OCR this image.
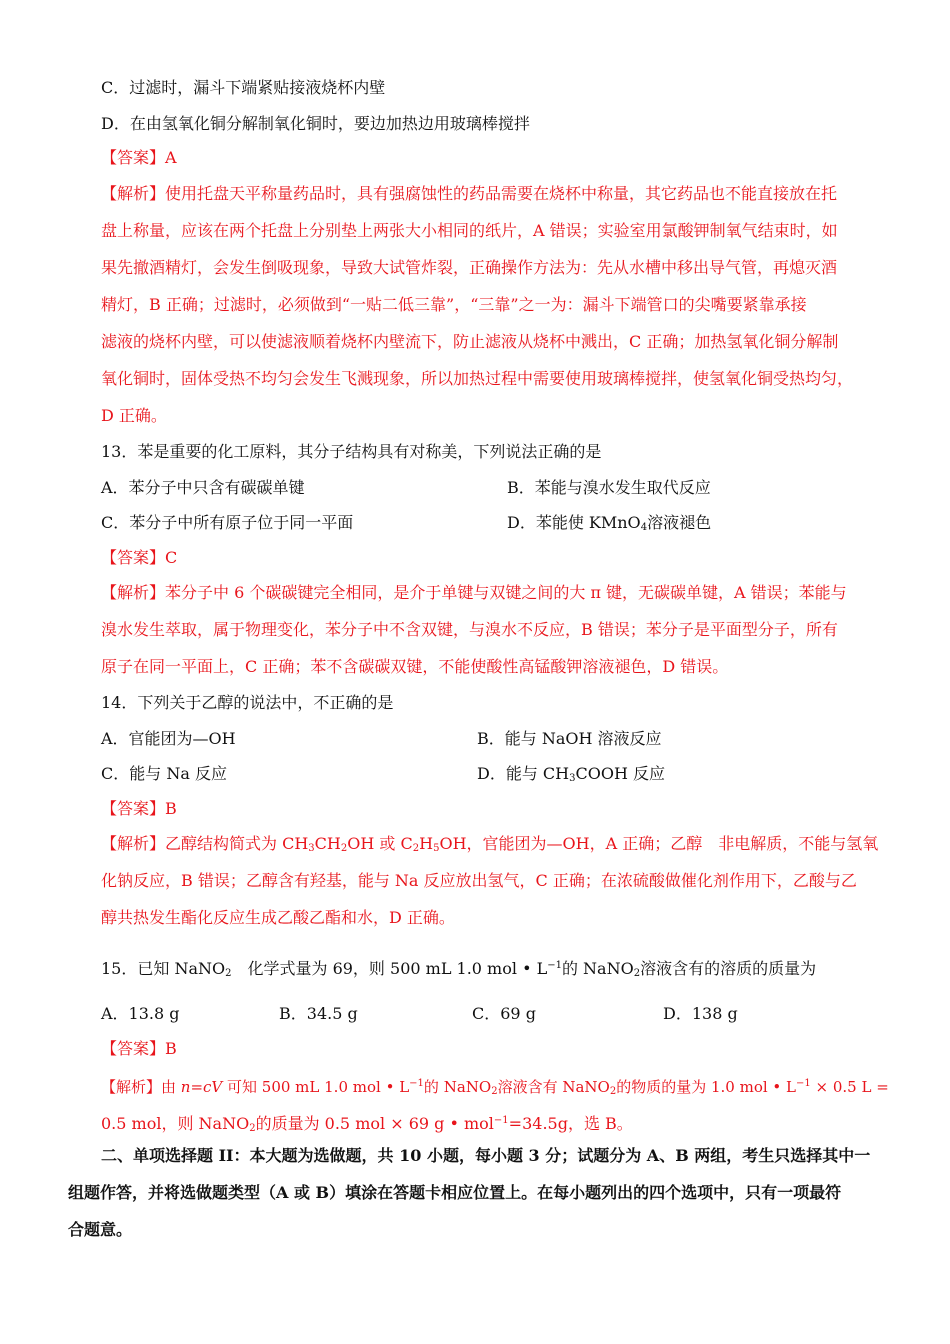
C．过滤时，漏斗下端紧贴接液烧杯内壁
D．在由氢氧化铜分解制氧化铜时，要边加热边用玻璃棒搅拌
【答案】A
【解析】使用托盘天平称量药品时，具有强腐蚀性的药品需要在烧杯中称量，其它药品也不能直接放在托
盘上称量，应该在两个托盘上分别垫上两张大小相同的纸片，A 错误；实验室用氯酸钾制氧气结束时，如
果先撤酒精灯，会发生倒吸现象，导致大试管炸裂，正确操作方法为：先从水槽中移出导气管，再熄灭酒
精灯，B 正确；过滤时，必须做到“一贴二低三靠”，“三靠”之一为：漏斗下端管口的尖嘴要紧靠承接
滤液的烧杯内壁，可以使滤液顺着烧杯内壁流下，防止滤液从烧杯中溅出，C 正确；加热氢氧化铜分解制
氧化铜时，固体受热不均匀会发生飞溅现象，所以加热过程中需要使用玻璃棒搅拌，使氢氧化铜受热均匀，
D 正确。
13．苯是重要的化工原料，其分子结构具有对称美，下列说法正确的是
A．苯分子中只含有碳碳单键	B．苯能与溴水发生取代反应
C．苯分子中所有原子位于同一平面	D．苯能使 KMnO$_4$溶液褪色
【答案】C
【解析】苯分子中 6 个碳碳键完全相同，是介于单键与双键之间的大 π 键，无碳碳单键，A 错误；苯能与
溴水发生萃取，属于物理变化，苯分子中不含双键，与溴水不反应，B 错误；苯分子是平面型分子，所有
原子在同一平面上，C 正确；苯不含碳碳双键，不能使酸性高锰酸钾溶液褪色，D 错误。
14．下列关于乙醇的说法中，不正确的是
A．官能团为—OH	B．能与 NaOH 溶液反应
C．能与 Na 反应	D．能与 $CH_3COOH$ 反应
【答案】B
【解析】乙醇结构简式为 $CH_3CH_2OH$ 或 $C_2H_5OH$，官能团为—OH，A 正确；乙醇　非电解质，不能与氢氧
化钠反应，B 错误；乙醇含有羟基，能与 Na 反应放出氢气，C 正确；在浓硫酸做催化剂作用下，乙酸与乙
醇共热发生酯化反应生成乙酸乙酯和水，D 正确。
15．已知 NaNO$_2$　化学式量为 69，则 500 mL 1.0 mol • $L^{-1}$的 NaNO$_2$溶液含有的溶质的质量为
A．13.8 g	B．34.5 g	C．69 g	D．138 g
【答案】B
【解析】由 n=cV 可知 500 mL 1.0 mol • $L^{-1}$的 NaNO$_2$溶液含有 NaNO$_2$的物质的量为 1.0 mol • $L^{-1} \times 0.5$ L =
0.5 mol，则 NaNO$_2$的质量为 0.5 mol × 69 g • mol$^{-1}$=34.5g，选 B。
二、单项选择题 II：本大题为选做题，共 10 小题，每小题 3 分；试题分为 A、B 两组，考生只选择其中一
组题作答，并将选做题类型（A 或 B）填涂在答题卡相应位置上。在每小题列出的四个选项中，只有一项最符
合题意。
